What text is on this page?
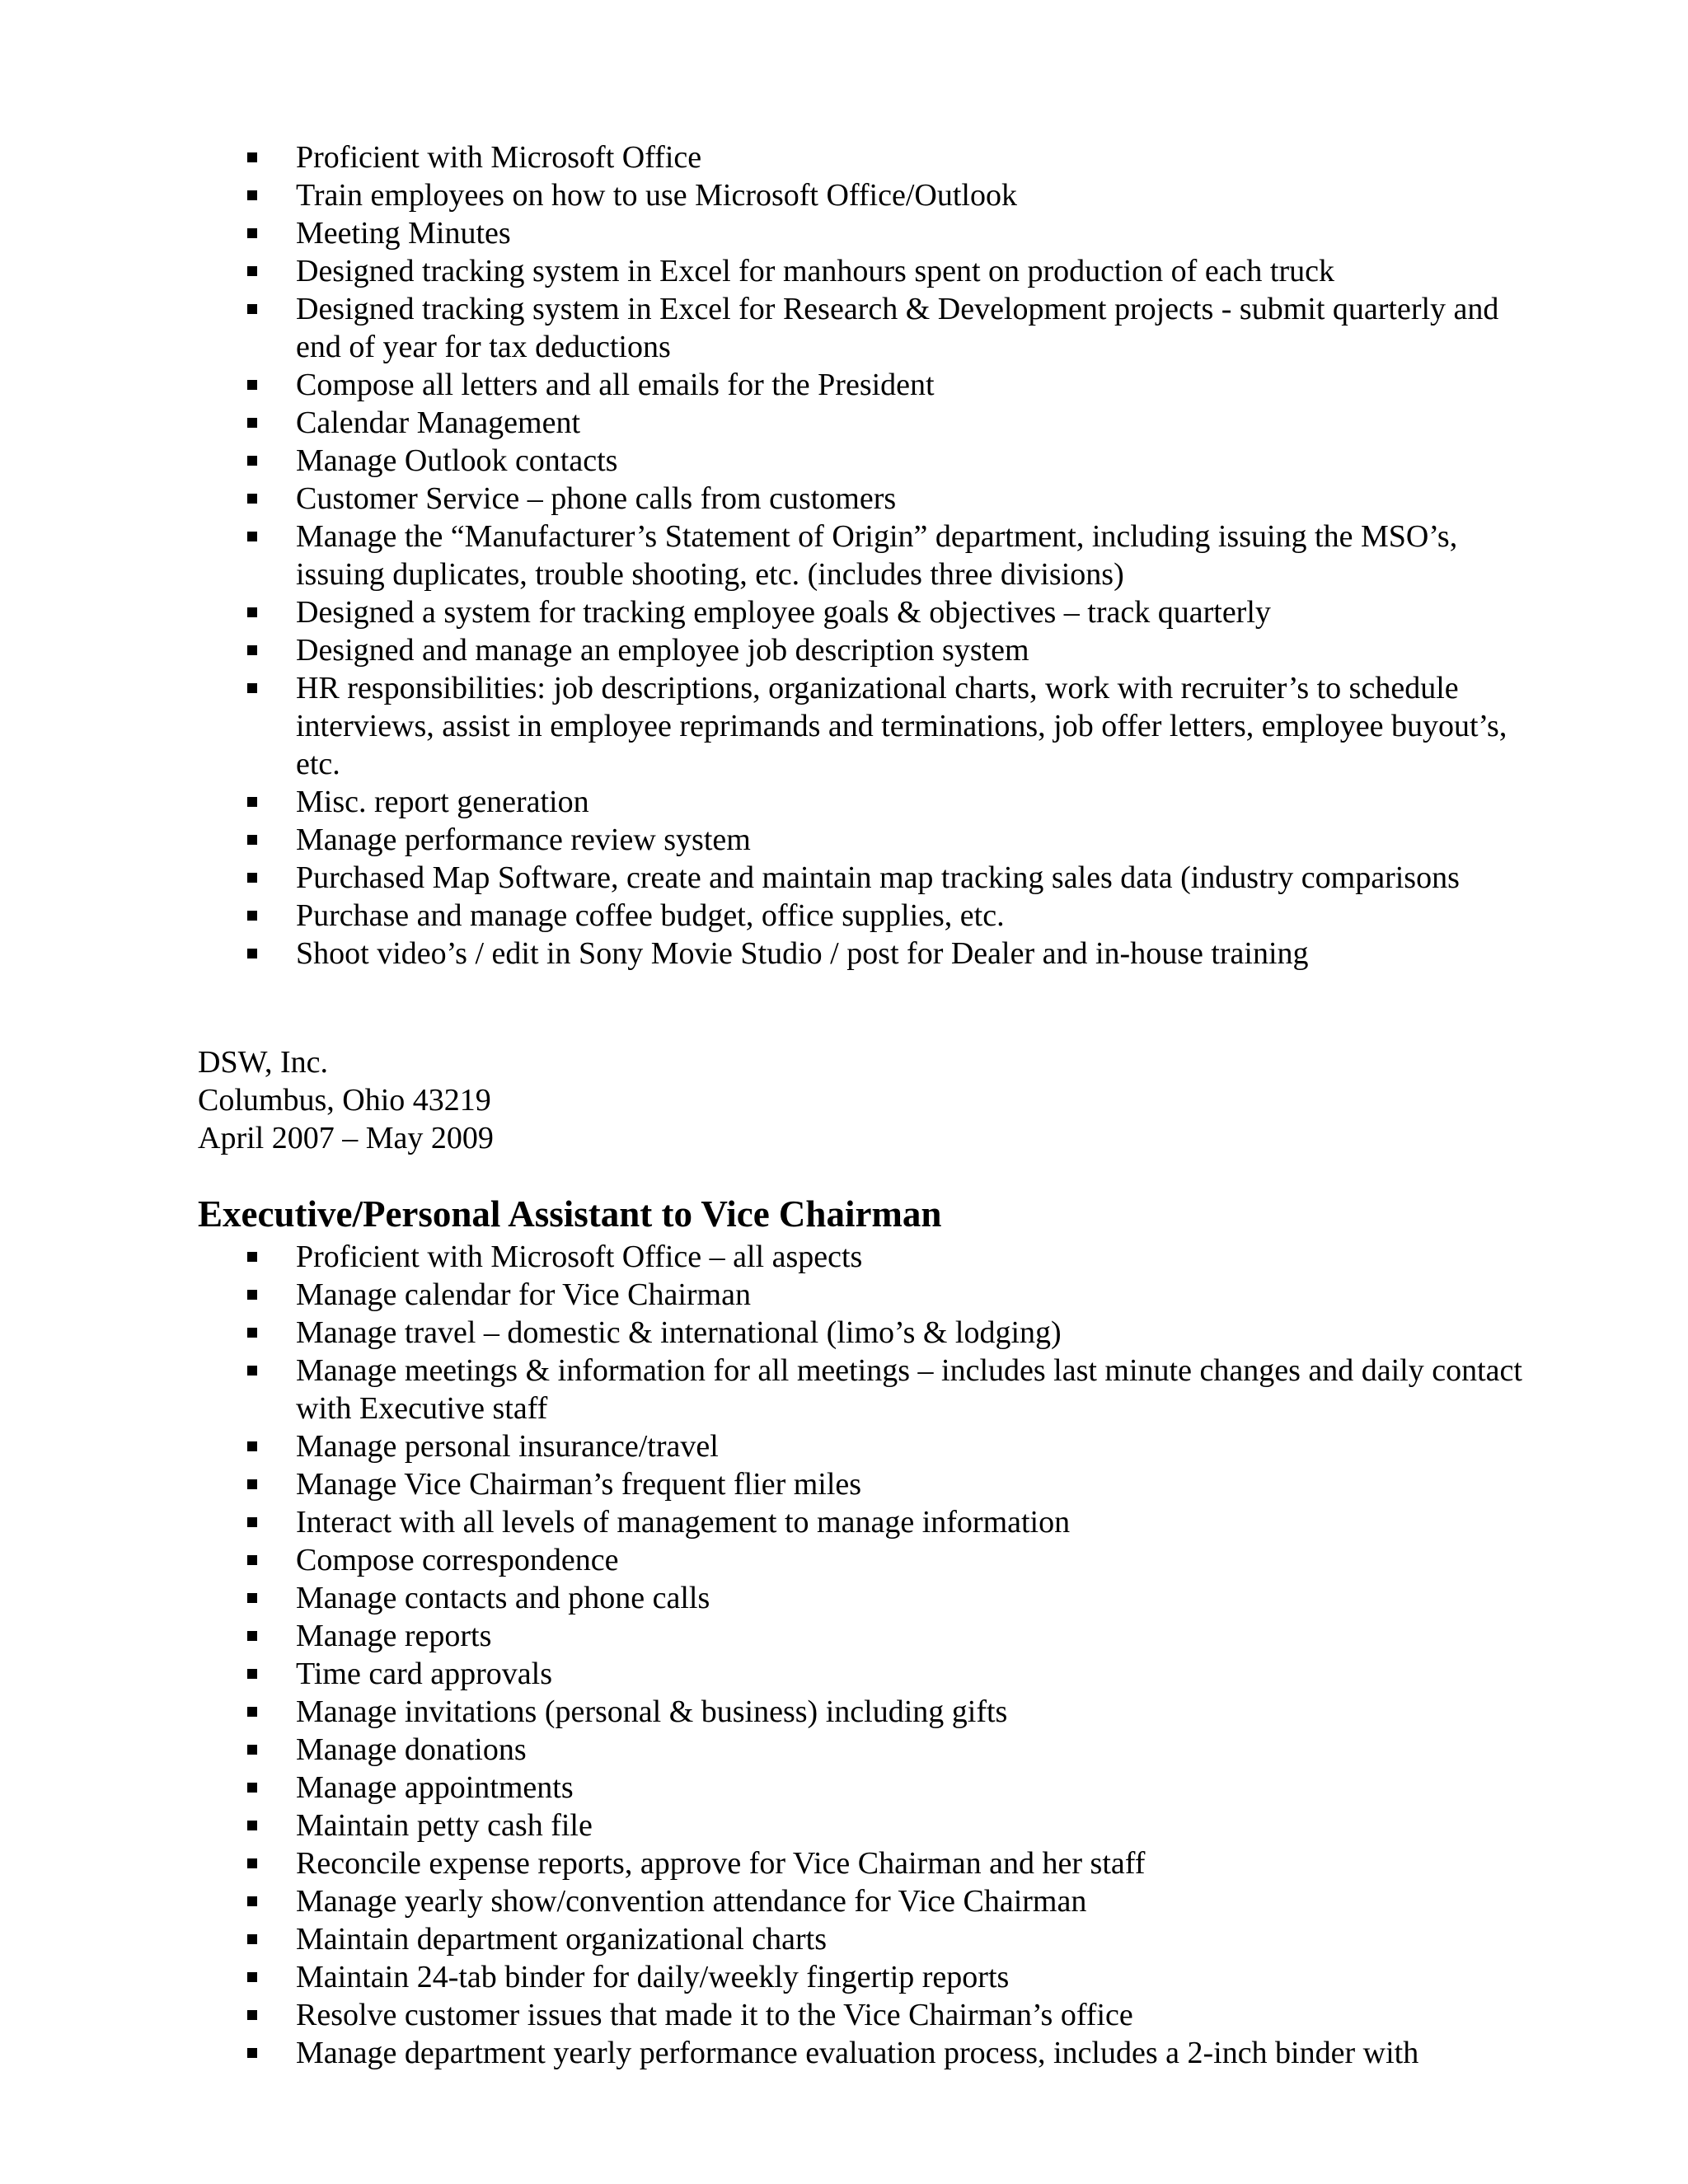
Proficient with Microsoft Office
Train employees on how to use Microsoft Office/Outlook
Meeting Minutes
Designed tracking system in Excel for manhours spent on production of each truck
Designed tracking system in Excel for Research & Development projects - submit quarterly and end of year for tax deductions
Compose all letters and all emails for the President
Calendar Management
Manage Outlook contacts
Customer Service – phone calls from customers
Manage the “Manufacturer’s Statement of Origin” department, including issuing the MSO’s, issuing duplicates, trouble shooting, etc. (includes three divisions)
Designed a system for tracking employee goals & objectives – track quarterly
Designed and manage an employee job description system
HR responsibilities: job descriptions, organizational charts, work with recruiter’s to schedule interviews, assist in employee reprimands and terminations, job offer letters, employee buyout’s, etc.
Misc. report generation
Manage performance review system
Purchased Map Software, create and maintain map tracking sales data (industry comparisons
Purchase and manage coffee budget, office supplies, etc.
Shoot video’s / edit in Sony Movie Studio / post for Dealer and in-house training
DSW, Inc.
Columbus, Ohio 43219
April 2007 – May 2009
Executive/Personal Assistant to Vice Chairman
Proficient with Microsoft Office – all aspects
Manage calendar for Vice Chairman
Manage travel – domestic & international (limo’s & lodging)
Manage meetings & information for all meetings – includes last minute changes and daily contact with Executive staff
Manage personal insurance/travel
Manage Vice Chairman’s frequent flier miles
Interact with all levels of management to manage information
Compose correspondence
Manage contacts and phone calls
Manage reports
Time card approvals
Manage invitations (personal & business) including gifts
Manage donations
Manage appointments
Maintain petty cash file
Reconcile expense reports, approve for Vice Chairman and her staff
Manage yearly show/convention attendance for Vice Chairman
Maintain department organizational charts
Maintain 24-tab binder for daily/weekly fingertip reports
Resolve customer issues that made it to the Vice Chairman’s office
Manage department yearly performance evaluation process, includes a 2-inch binder with
